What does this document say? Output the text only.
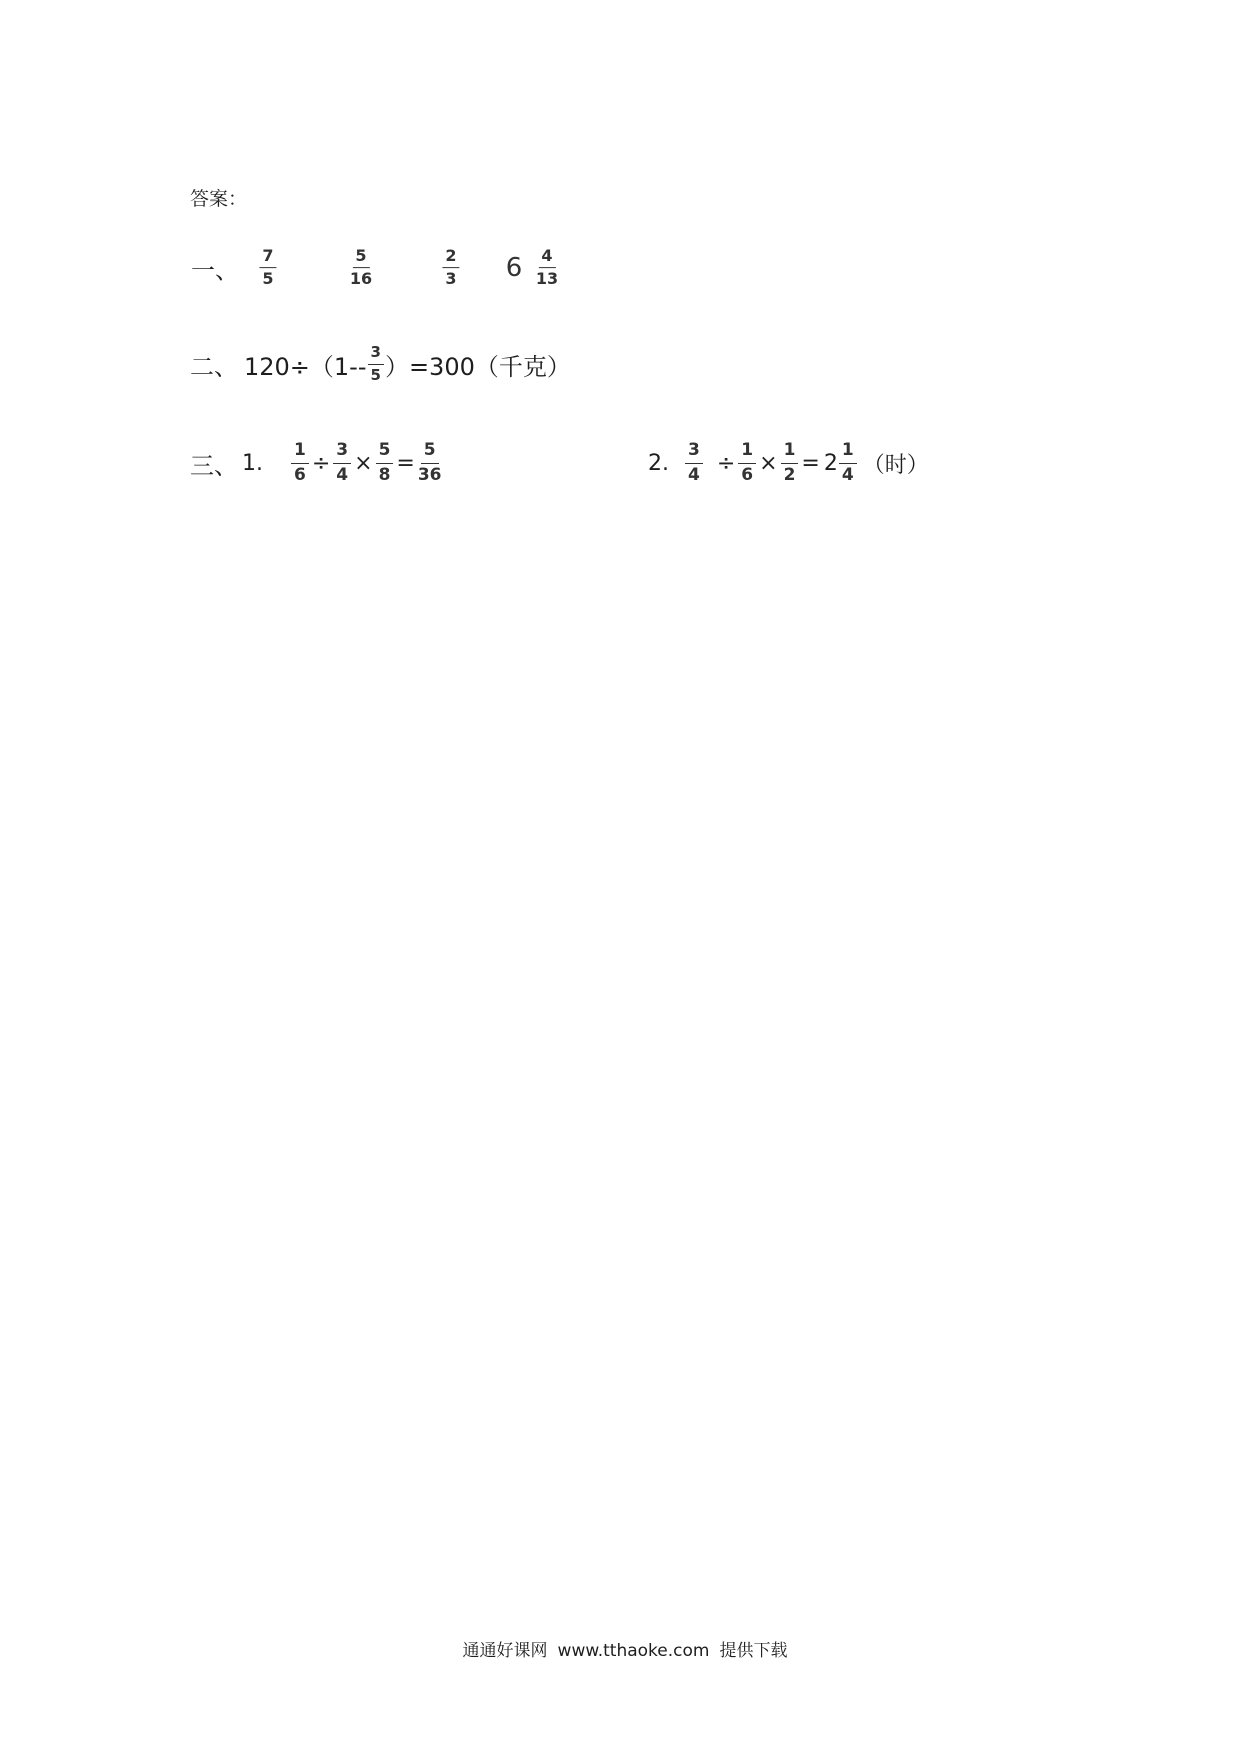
答案：
一、 $\frac{7}{5}$	$\frac{5}{16}$	$\frac{2}{3} 6 \frac{4}{13}$
二、 $120\div(1-- \frac{3}{5} )=300$（千克）
三、 1. $\frac{1}{6} \div \frac{3}{4} \times \frac{5}{8} = \frac{5}{36}$	2. $\frac{3}{4} \div \frac{1}{6} \times \frac{1}{2} = 2 \frac{1}{4}$ （时）
通通好课网 www.tthaoke.com 提供下载
